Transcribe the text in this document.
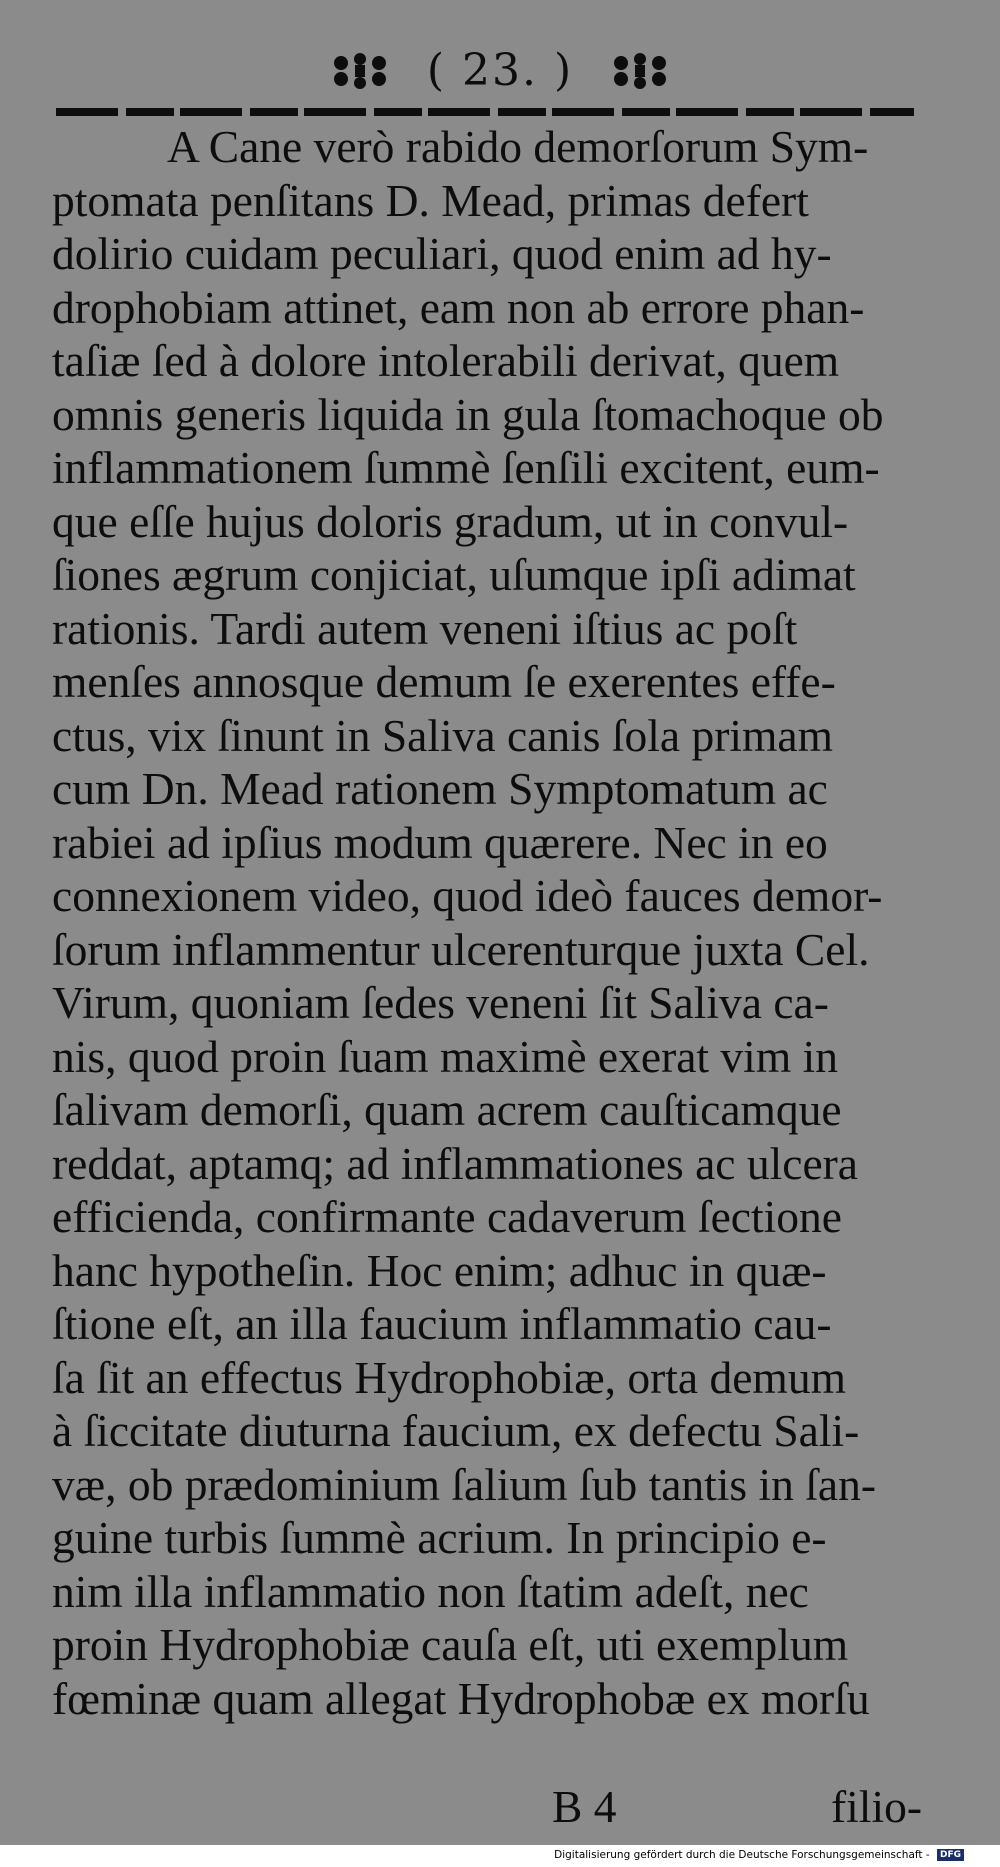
( 23. )
A Cane verò rabido demorſorum Sym-
ptomata penſitans D. Mead, primas defert
dolirio cuidam peculiari, quod enim ad hy-
drophobiam attinet, eam non ab errore phan-
taſiæ ſed à dolore intolerabili derivat, quem
omnis generis liquida in gula ſtomachoque ob
inflammationem ſummè ſenſili excitent, eum-
que eſſe hujus doloris gradum, ut in convul-
ſiones ægrum conjiciat, uſumque ipſi adimat
rationis. Tardi autem veneni iſtius ac poſt
menſes annosque demum ſe exerentes effe-
ctus, vix ſinunt in Saliva canis ſola primam
cum Dn. Mead rationem Symptomatum ac
rabiei ad ipſius modum quærere. Nec in eo
connexionem video, quod ideò fauces demor-
ſorum inflammentur ulcerenturque juxta Cel.
Virum, quoniam ſedes veneni ſit Saliva ca-
nis, quod proin ſuam maximè exerat vim in
ſalivam demorſi, quam acrem cauſticamque
reddat, aptamq; ad inflammationes ac ulcera
efficienda, confirmante cadaverum ſectione
hanc hypotheſin. Hoc enim; adhuc in quæ-
ſtione eſt, an illa faucium inflammatio cau-
ſa ſit an effectus Hydrophobiæ, orta demum
à ſiccitate diuturna faucium, ex defectu Sali-
væ, ob prædominium ſalium ſub tantis in ſan-
guine turbis ſummè acrium. In principio e-
nim illa inflammatio non ſtatim adeſt, nec
proin Hydrophobiæ cauſa eſt, uti exemplum
fœminæ quam allegat Hydrophobæ ex morſu
B 4	filio-
Digitalisierung gefördert durch die Deutsche Forschungsgemeinschaft - DFG
